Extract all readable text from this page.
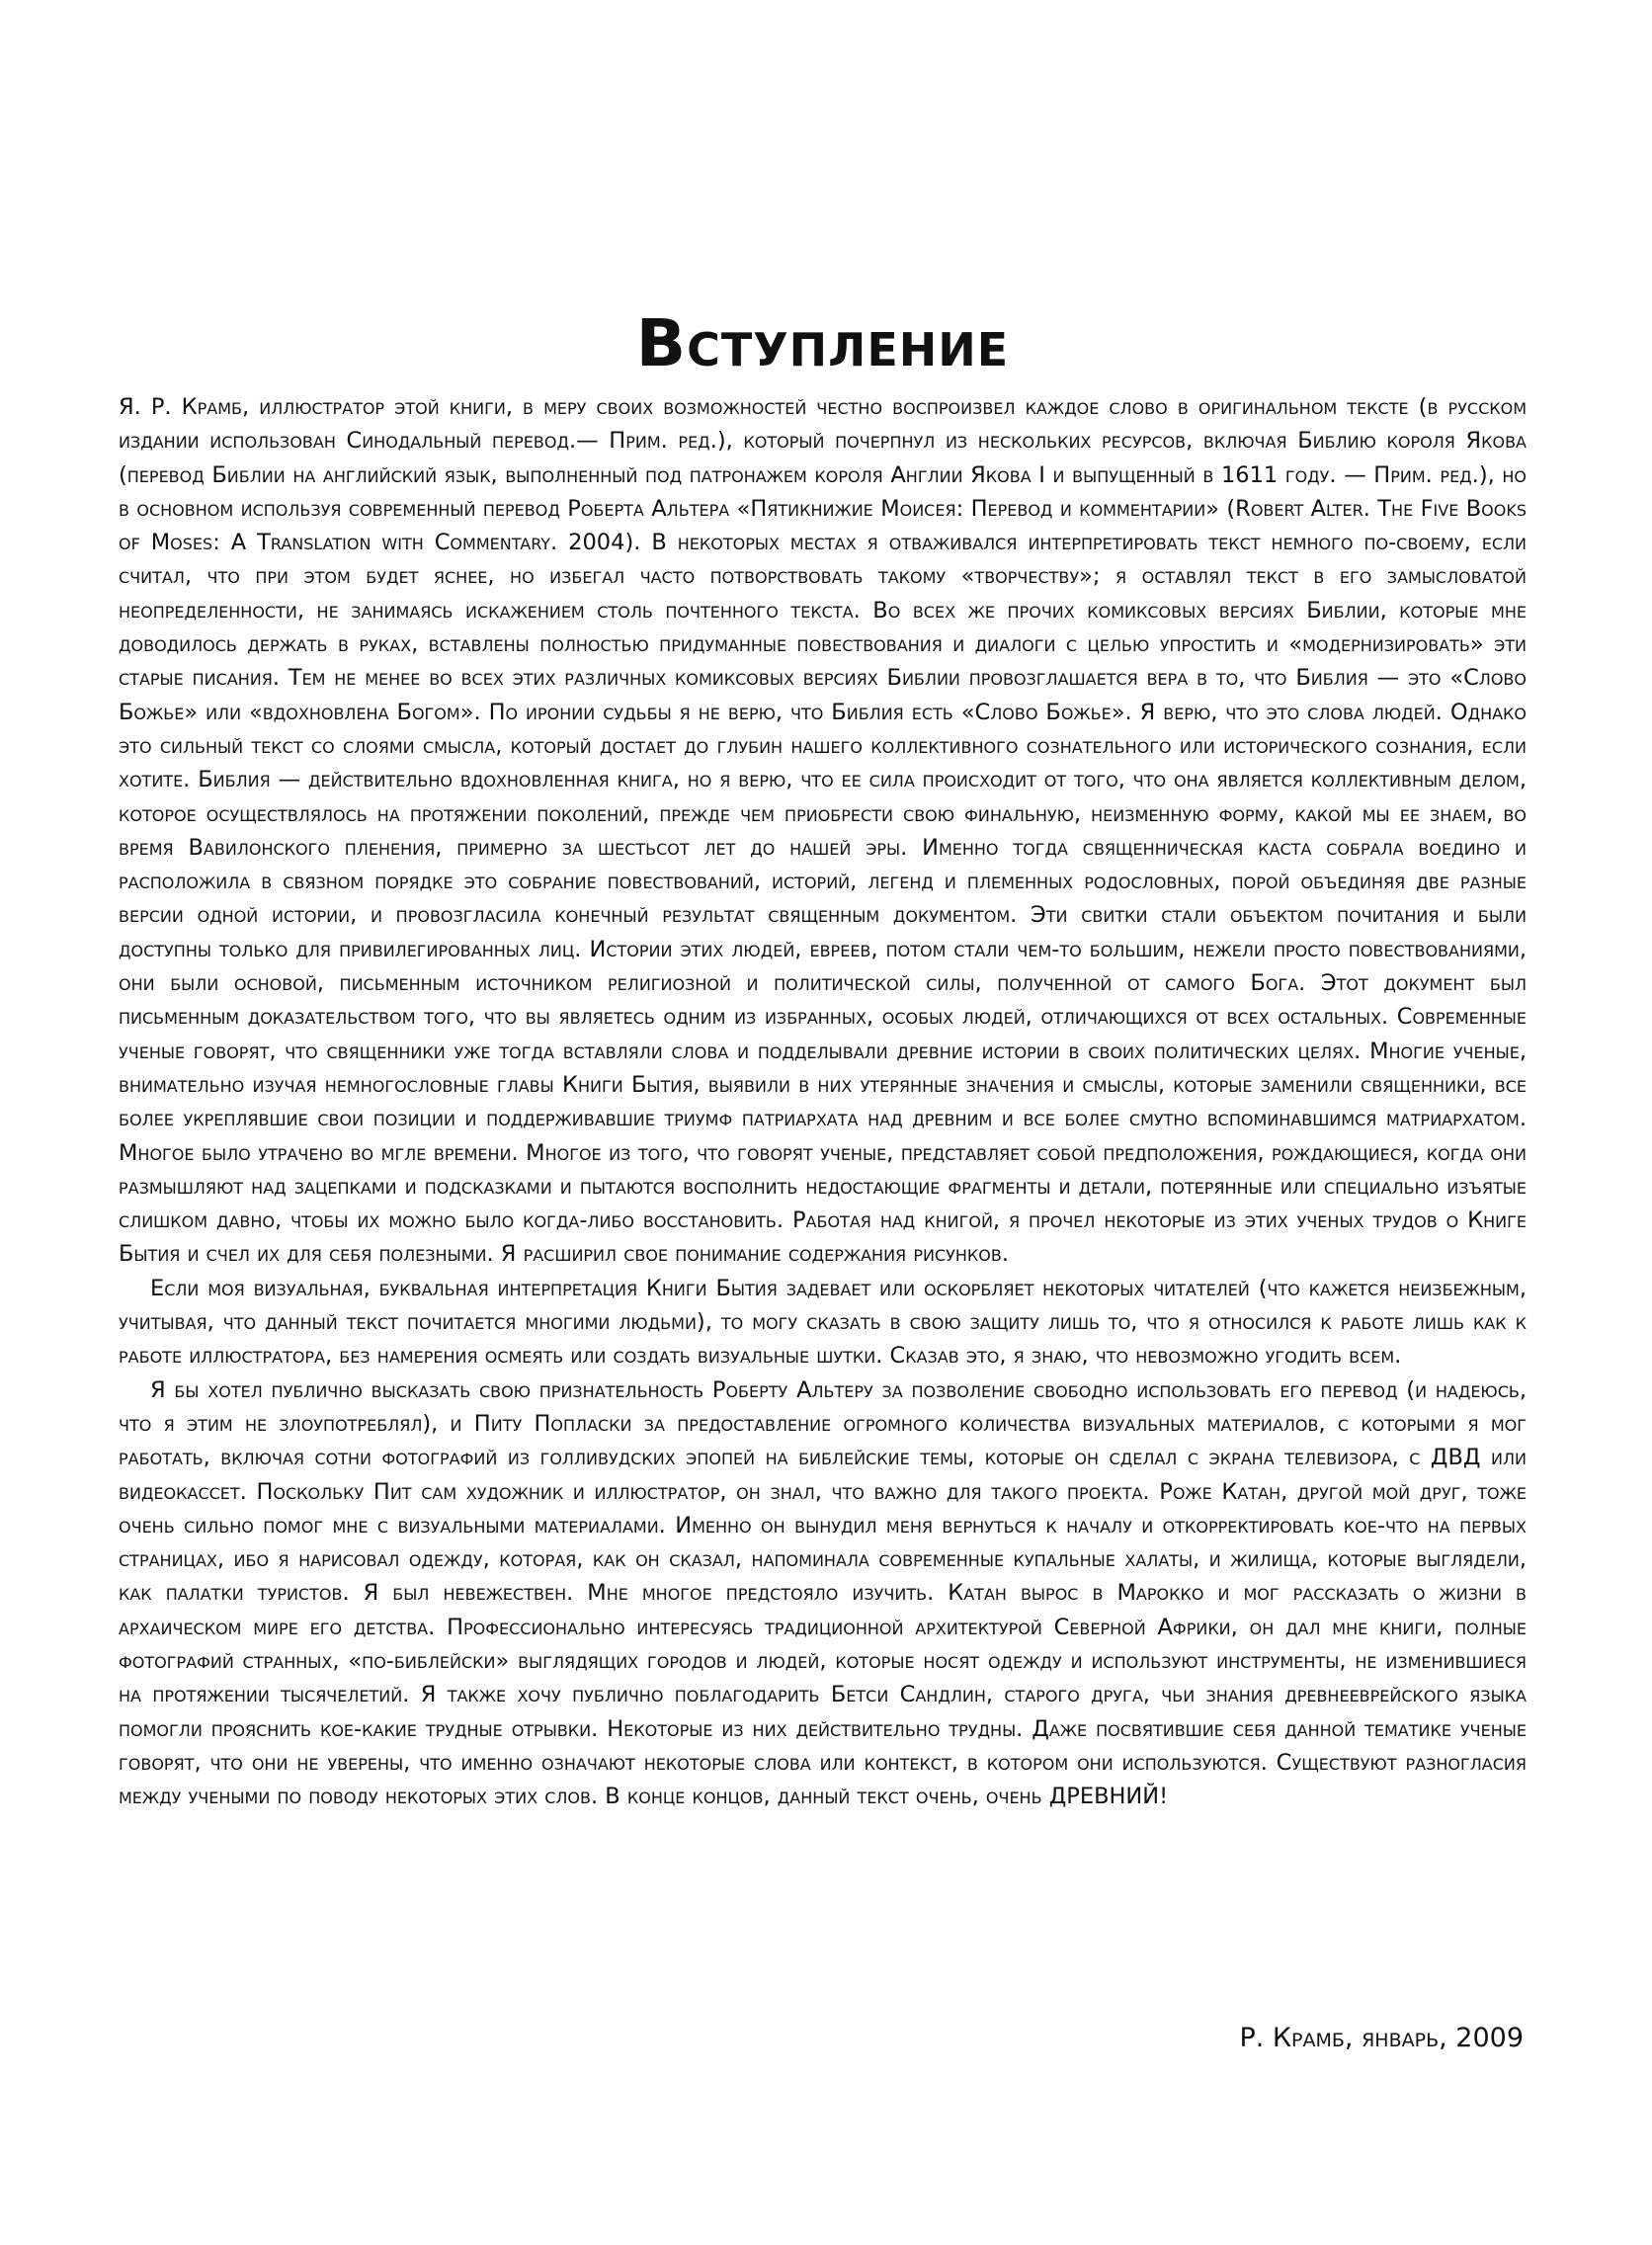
Вступление

Я. Р. Крамб, иллюстратор этой книги, в меру своих возможностей честно воспроизвел каждое слово в оригинальном тексте (в русском издании использован Синодальный перевод.— Прим. ред.), который почерпнул из нескольких ресурсов, включая Библию короля Якова (перевод Библии на английский язык, выполненный под патронажем короля Англии Якова I и выпущенный в 1611 году. — Прим. ред.), но в основном используя современный перевод Роберта Альтера «Пятикнижие Моисея: Перевод и комментарии» (Robert Alter. The Five Books of Moses: A Translation with Commentary. 2004). В некоторых местах я отваживался интерпретировать текст немного по-своему, если считал, что при этом будет яснее, но избегал часто потворствовать такому «творчеству»; я оставлял текст в его замысловатой неопределенности, не занимаясь искажением столь почтенного текста. Во всех же прочих комиксовых версиях Библии, которые мне доводилось держать в руках, вставлены полностью придуманные повествования и диалоги с целью упростить и «модернизировать» эти старые писания. Тем не менее во всех этих различных комиксовых версиях Библии провозглашается вера в то, что Библия — это «Слово Божье» или «вдохновлена Богом». По иронии судьбы я не верю, что Библия есть «Слово Божье». Я верю, что это слова людей. Однако это сильный текст со слоями смысла, который достает до глубин нашего коллективного сознательного или исторического сознания, если хотите. Библия — действительно вдохновленная книга, но я верю, что ее сила происходит от того, что она является коллективным делом, которое осуществлялось на протяжении поколений, прежде чем приобрести свою финальную, неизменную форму, какой мы ее знаем, во время Вавилонского пленения, примерно за шестьсот лет до нашей эры. Именно тогда священническая каста собрала воедино и расположила в связном порядке это собрание повествований, историй, легенд и племенных родословных, порой объединяя две разные версии одной истории, и провозгласила конечный результат священным документом. Эти свитки стали объектом почитания и были доступны только для привилегированных лиц. Истории этих людей, евреев, потом стали чем-то большим, нежели просто повествованиями, они были основой, письменным источником религиозной и политической силы, полученной от самого Бога. Этот документ был письменным доказательством того, что вы являетесь одним из избранных, особых людей, отличающихся от всех остальных. Современные ученые говорят, что священники уже тогда вставляли слова и подделывали древние истории в своих политических целях. Многие ученые, внимательно изучая немногословные главы Книги Бытия, выявили в них утерянные значения и смыслы, которые заменили священники, все более укреплявшие свои позиции и поддерживавшие триумф патриархата над древним и все более смутно вспоминавшимся матриархатом. Многое было утрачено во мгле времени. Многое из того, что говорят ученые, представляет собой предположения, рождающиеся, когда они размышляют над зацепками и подсказками и пытаются восполнить недостающие фрагменты и детали, потерянные или специально изъятые слишком давно, чтобы их можно было когда-либо восстановить. Работая над книгой, я прочел некоторые из этих ученых трудов о Книге Бытия и счел их для себя полезными. Я расширил свое понимание содержания рисунков.

Если моя визуальная, буквальная интерпретация Книги Бытия задевает или оскорбляет некоторых читателей (что кажется неизбежным, учитывая, что данный текст почитается многими людьми), то могу сказать в свою защиту лишь то, что я относился к работе лишь как к работе иллюстратора, без намерения осмеять или создать визуальные шутки. Сказав это, я знаю, что невозможно угодить всем.

Я бы хотел публично высказать свою признательность Роберту Альтеру за позволение свободно использовать его перевод (и надеюсь, что я этим не злоупотреблял), и Питу Попласки за предоставление огромного количества визуальных материалов, с которыми я мог работать, включая сотни фотографий из голливудских эпопей на библейские темы, которые он сделал с экрана телевизора, с ДВД или видеокассет. Поскольку Пит сам художник и иллюстратор, он знал, что важно для такого проекта. Роже Катан, другой мой друг, тоже очень сильно помог мне с визуальными материалами. Именно он вынудил меня вернуться к началу и откорректировать кое-что на первых страницах, ибо я нарисовал одежду, которая, как он сказал, напоминала современные купальные халаты, и жилища, которые выглядели, как палатки туристов. Я был невежествен. Мне многое предстояло изучить. Катан вырос в Марокко и мог рассказать о жизни в архаическом мире его детства. Профессионально интересуясь традиционной архитектурой Северной Африки, он дал мне книги, полные фотографий странных, «по-библейски» выглядящих городов и людей, которые носят одежду и используют инструменты, не изменившиеся на протяжении тысячелетий. Я также хочу публично поблагодарить Бетси Сандлин, старого друга, чьи знания древнееврейского языка помогли прояснить кое-какие трудные отрывки. Некоторые из них действительно трудны. Даже посвятившие себя данной тематике ученые говорят, что они не уверены, что именно означают некоторые слова или контекст, в котором они используются. Существуют разногласия между учеными по поводу некоторых этих слов. В конце концов, данный текст очень, очень ДРЕВНИЙ!

Р. Крамб, январь, 2009
